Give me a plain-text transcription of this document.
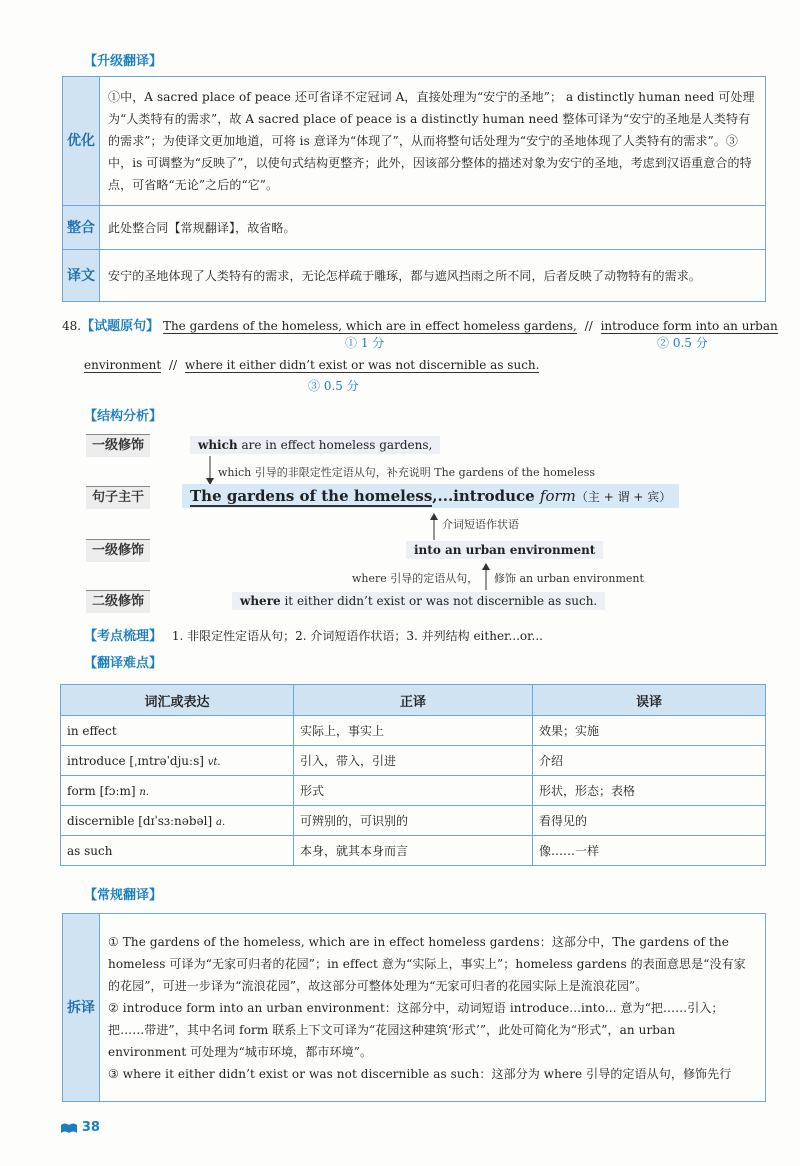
【升级翻译】
优化	①中，A sacred place of peace 还可省译不定冠词 A，直接处理为“安宁的圣地”； a distinctly human need 可处理为“人类特有的需求”，故 A sacred place of peace is a distinctly human need 整体可译为“安宁的圣地是人类特有的需求”；为使译文更加地道，可将 is 意译为“体现了”，从而将整句话处理为“安宁的圣地体现了人类特有的需求”。③中，is 可调整为“反映了”，以使句式结构更整齐；此外，因该部分整体的描述对象为安宁的圣地，考虑到汉语重意合的特点，可省略“无论”之后的“它”。
整合	此处整合同【常规翻译】，故省略。
译文	安宁的圣地体现了人类特有的需求，无论怎样疏于雕琢，都与遮风挡雨之所不同，后者反映了动物特有的需求。
48.【试题原句】 The gardens of the homeless, which are in effect homeless gardens, // introduce form into an urban
① 1 分	② 0.5 分
environment // where it either didn’t exist or was not discernible as such.
③ 0.5 分
【结构分析】
一级修饰
句子主干
一级修饰
二级修饰
which are in effect homeless gardens,
which 引导的非限定性定语从句，补充说明 The gardens of the homeless
The gardens of the homeless,...introduce form（主 + 谓 + 宾）
介词短语作状语
into an urban environment
where 引导的定语从句， 修饰 an urban environment
where it either didn’t exist or was not discernible as such.
【考点梳理】 1. 非限定性定语从句；2. 介词短语作状语；3. 并列结构 either...or...
【翻译难点】
词汇或表达	正译	误译
in effect	实际上，事实上	效果；实施
introduce [ˌɪntrəˈdjuːs] vt.	引入，带入，引进	介绍
form [fɔːm] n.	形式	形状，形态；表格
discernible [dɪˈsɜːnəbəl] a.	可辨别的，可识别的	看得见的
as such	本身，就其本身而言	像……一样
【常规翻译】
拆译	
① The gardens of the homeless, which are in effect homeless gardens：这部分中，The gardens of the homeless 可译为“无家可归者的花园”；in effect 意为“实际上，事实上”；homeless gardens 的表面意思是“没有家的花园”，可进一步译为“流浪花园”，故这部分可整体处理为“无家可归者的花园实际上是流浪花园”。
② introduce form into an urban environment：这部分中，动词短语 introduce...into... 意为“把……引入；把……带进”，其中名词 form 联系上下文可译为“花园这种建筑‘形式’”，此处可简化为“形式”，an urban environment 可处理为“城市环境，都市环境”。
③ where it either didn’t exist or was not discernible as such：这部分为 where 引导的定语从句，修饰先行
38
